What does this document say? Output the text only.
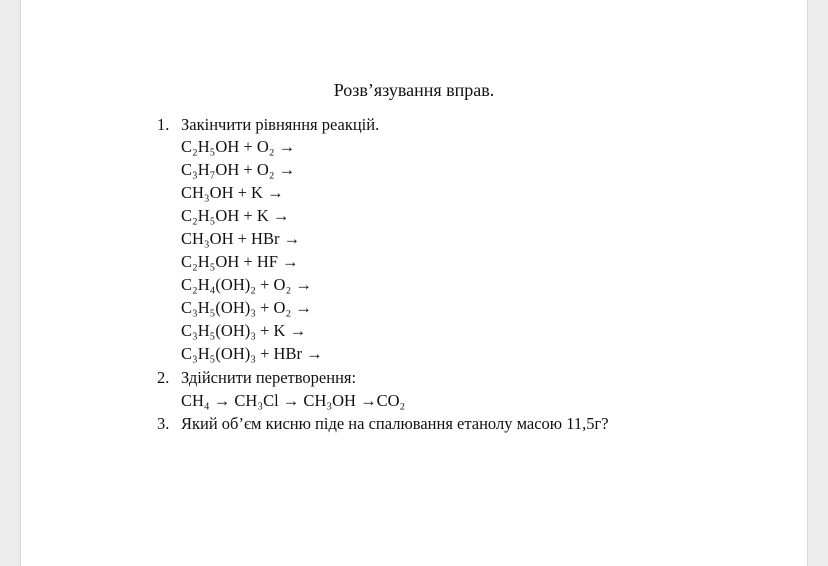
Розв’язування вправ.
1. Закінчити рівняння реакцій.
C₂H₅OH + O₂ →
C₃H₇OH + O₂ →
CH₃OH + K →
C₂H₅OH + K →
CH₃OH + HBr →
C₂H₅OH + HF →
C₂H₄(OH)₂ + O₂ →
C₃H₅(OH)₃ + O₂ →
C₃H₅(OH)₃ + K →
C₃H₅(OH)₃ + HBr →
2. Здійснити перетворення:
CH₄ → CH₃Cl → CH₃OH →CO₂
3. Який об’єм кисню піде на спалювання етанолу масою 11,5г?
